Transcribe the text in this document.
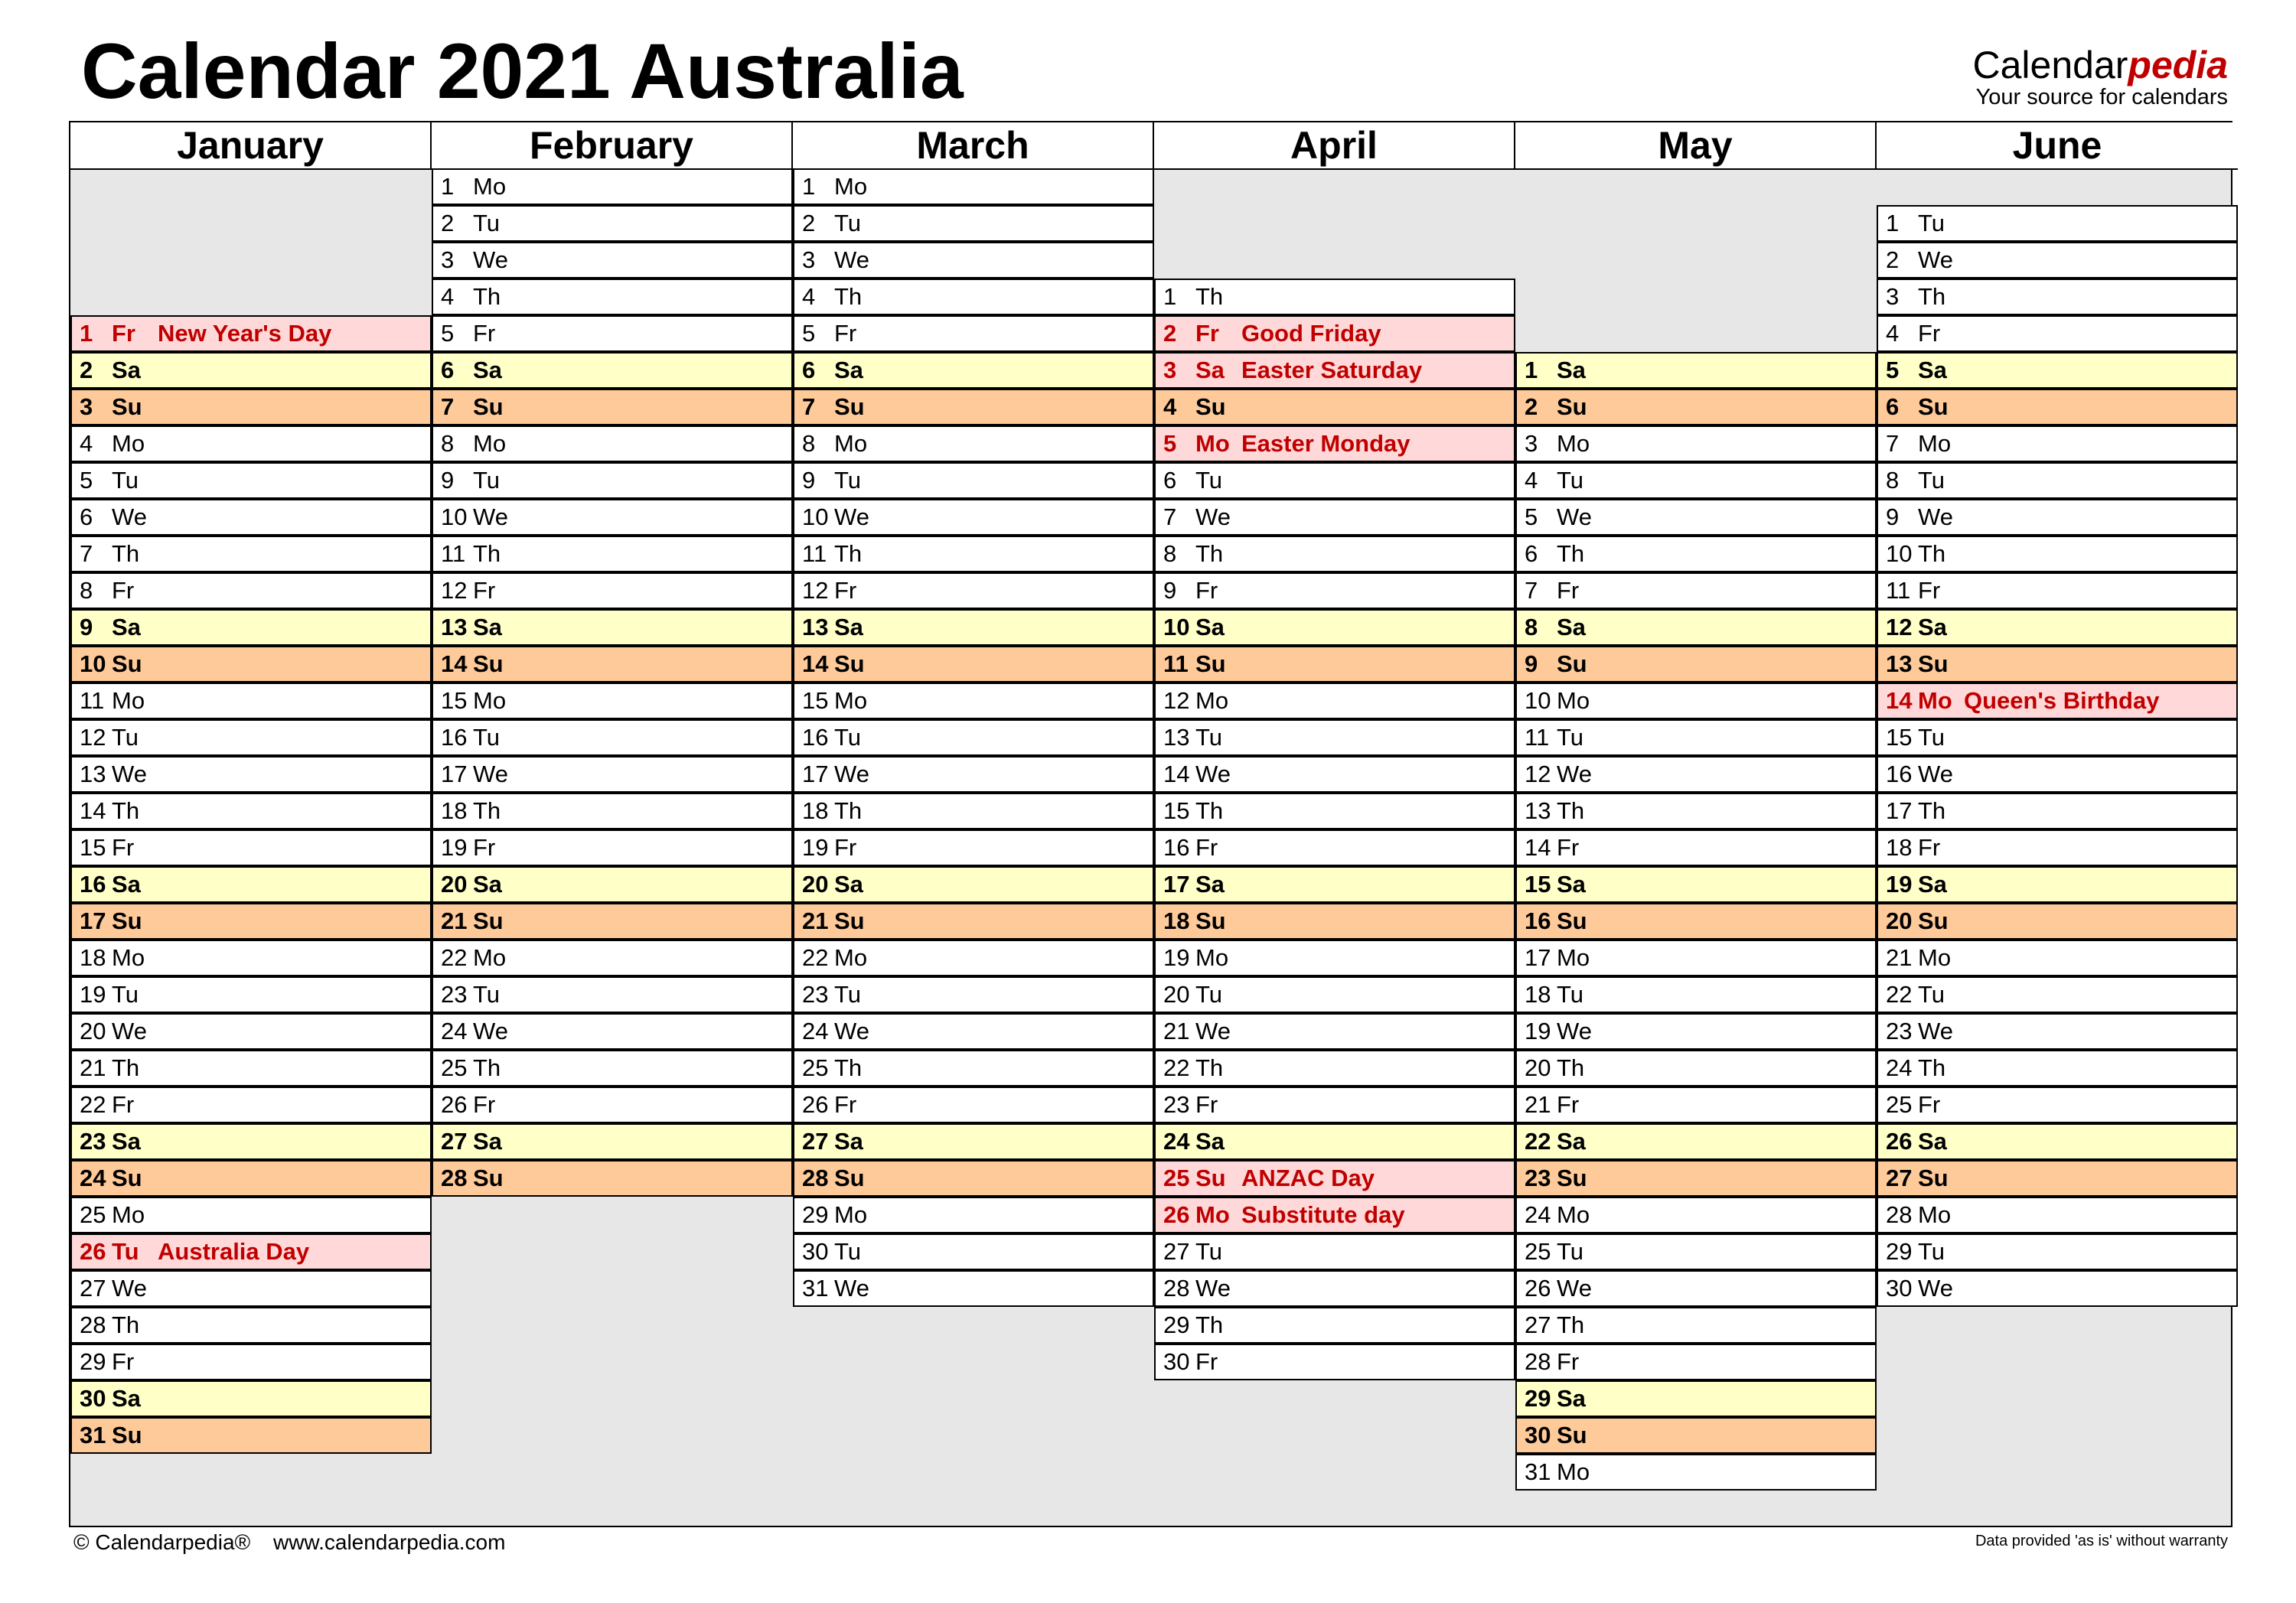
Calendar 2021 Australia	Calendarpedia
Your source for calendars
January
1 Fr New Year's Day
2 Sa
3 Su
4 Mo
5 Tu
6 We
7 Th
8 Fr
9 Sa
10 Su
11 Mo
12 Tu
13 We
14 Th
15 Fr
16 Sa
17 Su
18 Mo
19 Tu
20 We
21 Th
22 Fr
23 Sa
24 Su
25 Mo
26 Tu Australia Day
27 We
28 Th
29 Fr
30 Sa
31 Su
February
1 Mo
2 Tu
3 We
4 Th
5 Fr
6 Sa
7 Su
8 Mo
9 Tu
10 We
11 Th
12 Fr
13 Sa
14 Su
15 Mo
16 Tu
17 We
18 Th
19 Fr
20 Sa
21 Su
22 Mo
23 Tu
24 We
25 Th
26 Fr
27 Sa
28 Su
March
1 Mo
2 Tu
3 We
4 Th
5 Fr
6 Sa
7 Su
8 Mo
9 Tu
10 We
11 Th
12 Fr
13 Sa
14 Su
15 Mo
16 Tu
17 We
18 Th
19 Fr
20 Sa
21 Su
22 Mo
23 Tu
24 We
25 Th
26 Fr
27 Sa
28 Su
29 Mo
30 Tu
31 We
April
1 Th
2 Fr Good Friday
3 Sa Easter Saturday
4 Su
5 Mo Easter Monday
6 Tu
7 We
8 Th
9 Fr
10 Sa
11 Su
12 Mo
13 Tu
14 We
15 Th
16 Fr
17 Sa
18 Su
19 Mo
20 Tu
21 We
22 Th
23 Fr
24 Sa
25 Su ANZAC Day
26 Mo Substitute day
27 Tu
28 We
29 Th
30 Fr
May
1 Sa
2 Su
3 Mo
4 Tu
5 We
6 Th
7 Fr
8 Sa
9 Su
10 Mo
11 Tu
12 We
13 Th
14 Fr
15 Sa
16 Su
17 Mo
18 Tu
19 We
20 Th
21 Fr
22 Sa
23 Su
24 Mo
25 Tu
26 We
27 Th
28 Fr
29 Sa
30 Su
31 Mo
June
1 Tu
2 We
3 Th
4 Fr
5 Sa
6 Su
7 Mo
8 Tu
9 We
10 Th
11 Fr
12 Sa
13 Su
14 Mo Queen's Birthday
15 Tu
16 We
17 Th
18 Fr
19 Sa
20 Su
21 Mo
22 Tu
23 We
24 Th
25 Fr
26 Sa
27 Su
28 Mo
29 Tu
30 We
© Calendarpedia® www.calendarpedia.com	Data provided 'as is' without warranty
